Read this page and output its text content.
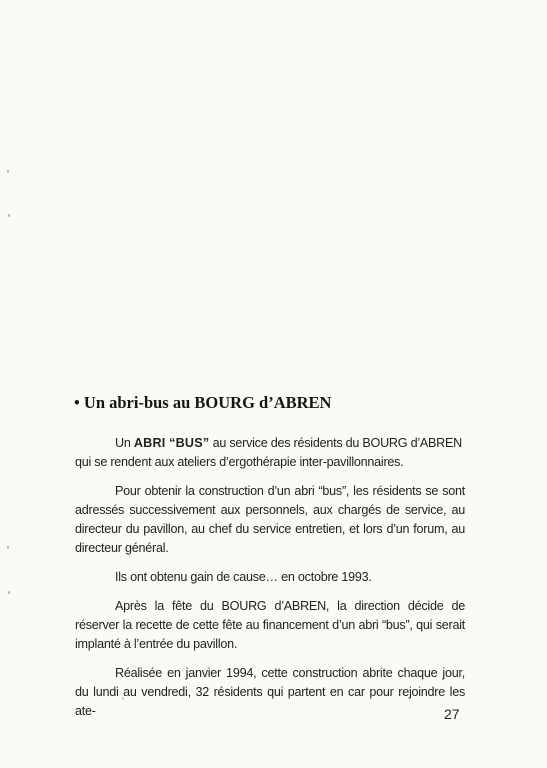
• Un abri-bus au BOURG d’ABREN

Un ABRI “BUS” au service des résidents du BOURG d’ABREN qui se rendent aux ateliers d’ergothérapie inter-pavillonnaires.

Pour obtenir la construction d’un abri “bus”, les résidents se sont adressés successivement aux personnels, aux chargés de service, au directeur du pavillon, au chef du service entretien, et lors d’un forum, au directeur général.

Ils ont obtenu gain de cause… en octobre 1993.

Après la fête du BOURG d’ABREN, la direction décide de réserver la recette de cette fête au financement d’un abri “bus”, qui serait implanté à l’entrée du pavillon.

Réalisée en janvier 1994, cette construction abrite chaque jour, du lundi au vendredi, 32 résidents qui partent en car pour rejoindre les ate-	27
